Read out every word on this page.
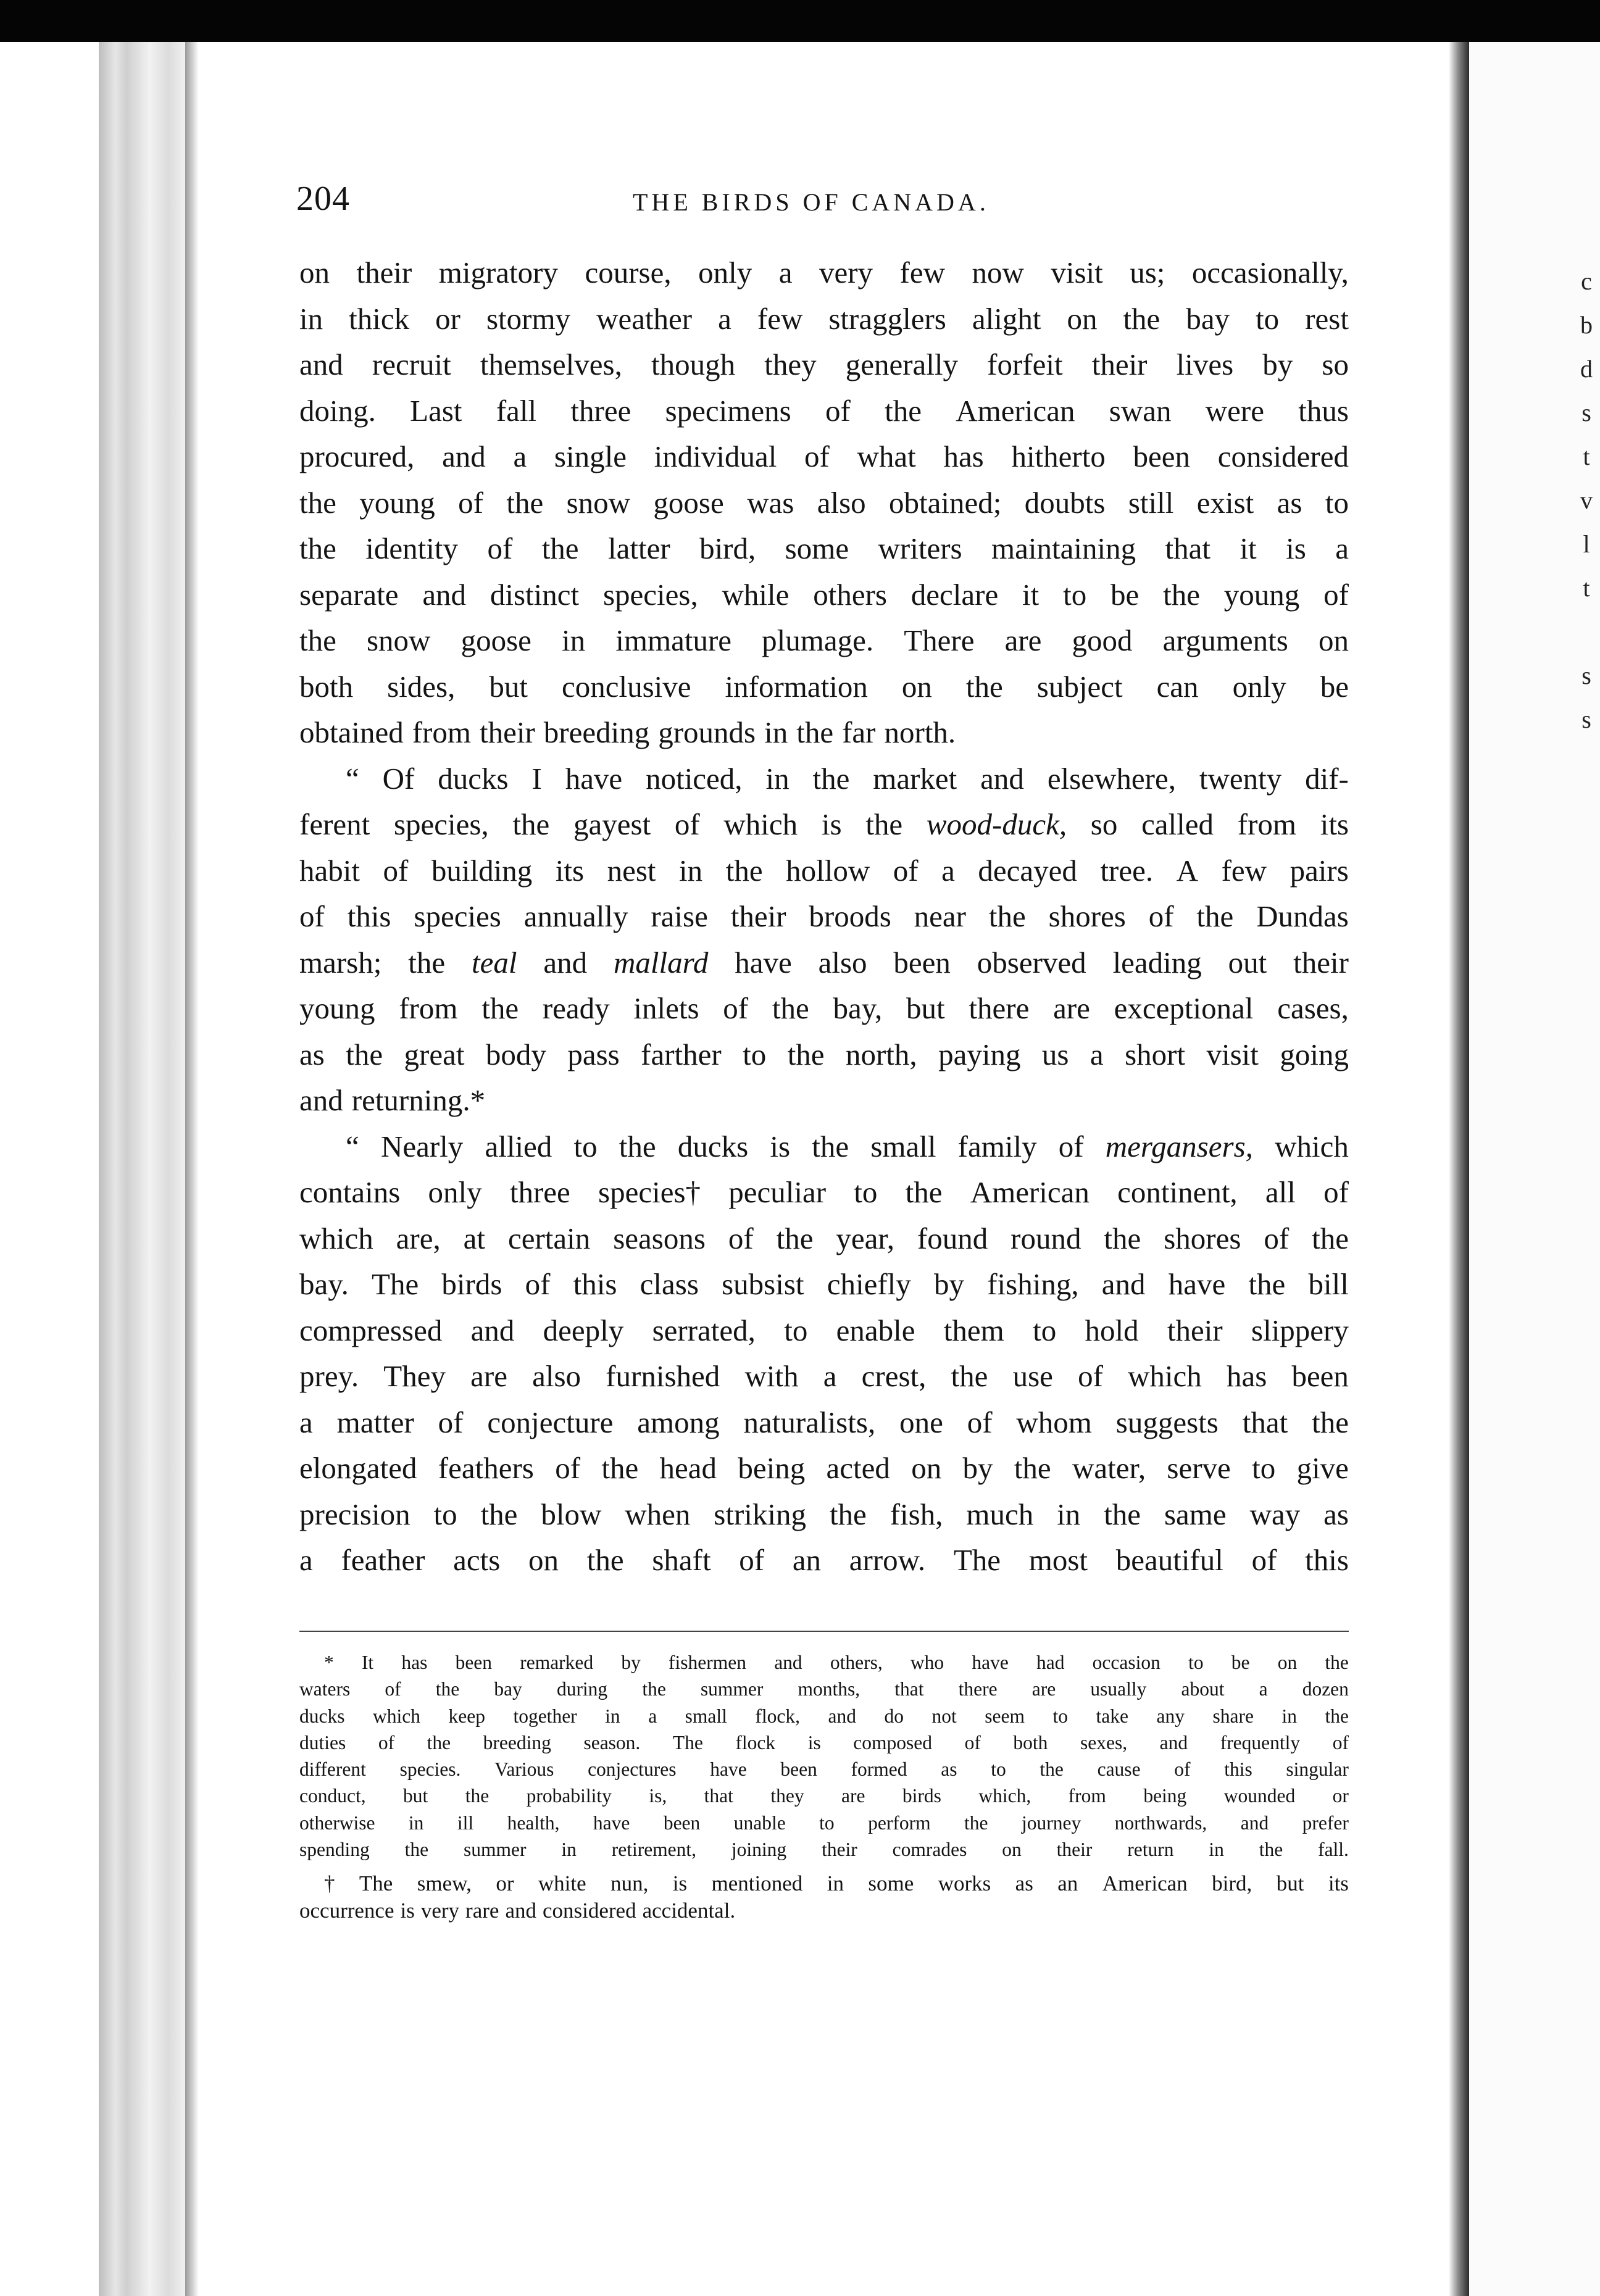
c
b
d
s
t
v
l
t
s
s
204	THE BIRDS OF CANADA.
on their migratory course, only a very few now visit us; occasionally,
in thick or stormy weather a few stragglers alight on the bay to rest
and recruit themselves, though they generally forfeit their lives by so
doing. Last fall three specimens of the American swan were thus
procured, and a single individual of what has hitherto been considered
the young of the snow goose was also obtained; doubts still exist as to
the identity of the latter bird, some writers maintaining that it is a
separate and distinct species, while others declare it to be the young of
the snow goose in immature plumage. There are good arguments on
both sides, but conclusive information on the subject can only be
obtained from their breeding grounds in the far north.
“ Of ducks I have noticed, in the market and elsewhere, twenty dif-
ferent species, the gayest of which is the wood-duck, so called from its
habit of building its nest in the hollow of a decayed tree. A few pairs
of this species annually raise their broods near the shores of the Dundas
marsh; the teal and mallard have also been observed leading out their
young from the ready inlets of the bay, but there are exceptional cases,
as the great body pass farther to the north, paying us a short visit going
and returning.*
“ Nearly allied to the ducks is the small family of mergansers, which
contains only three species† peculiar to the American continent, all of
which are, at certain seasons of the year, found round the shores of the
bay. The birds of this class subsist chiefly by fishing, and have the bill
compressed and deeply serrated, to enable them to hold their slippery
prey. They are also furnished with a crest, the use of which has been
a matter of conjecture among naturalists, one of whom suggests that the
elongated feathers of the head being acted on by the water, serve to give
precision to the blow when striking the fish, much in the same way as
a feather acts on the shaft of an arrow. The most beautiful of this
* It has been remarked by fishermen and others, who have had occasion to be on the
waters of the bay during the summer months, that there are usually about a dozen
ducks which keep together in a small flock, and do not seem to take any share in the
duties of the breeding season. The flock is composed of both sexes, and frequently of
different species. Various conjectures have been formed as to the cause of this singular
conduct, but the probability is, that they are birds which, from being wounded or
otherwise in ill health, have been unable to perform the journey northwards, and prefer
spending the summer in retirement, joining their comrades on their return in the fall.
† The smew, or white nun, is mentioned in some works as an American bird, but its
occurrence is very rare and considered accidental.
